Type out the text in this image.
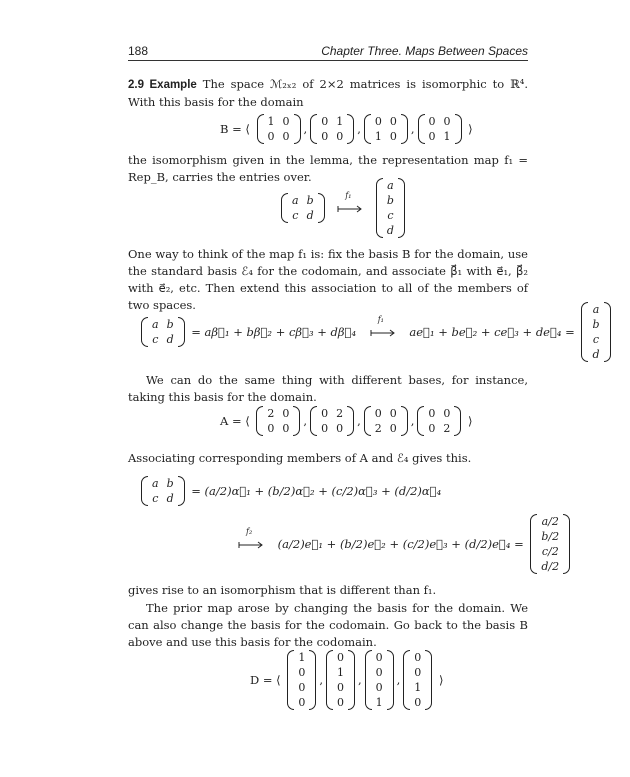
188	Chapter Three. Maps Between Spaces
2.9 Example The space ℳ₂ₓ₂ of 2×2 matrices is isomorphic to ℝ⁴. With this basis for the domain
B = ⟨
1	0
0	0
,
0	1
0	0
,
0	0
1	0
,
0	0
0	1
⟩
the isomorphism given in the lemma, the representation map f₁ = Rep_B, carries the entries over.
a	b
c	d

f₁

a
b
c
d
One way to think of the map f₁ is: fix the basis B for the domain, use the standard basis ℰ₄ for the codomain, and associate β⃗₁ with e⃗₁, β⃗₂ with e⃗₂, etc. Then extend this association to all of the members of two spaces.
a	b
c	d
= aβ⃗₁ + bβ⃗₂ + cβ⃗₃ + dβ⃗₄
f₁
ae⃗₁ + be⃗₂ + ce⃗₃ + de⃗₄ =
a
b
c
d
We can do the same thing with different bases, for instance, taking this basis for the domain.
A = ⟨
2	0
0	0
,
0	2
0	0
,
0	0
2	0
,
0	0
0	2
⟩
Associating corresponding members of A and ℰ₄ gives this.
a	b
c	d
= (a/2)α⃗₁ + (b/2)α⃗₂ + (c/2)α⃗₃ + (d/2)α⃗₄
f₂
(a/2)e⃗₁ + (b/2)e⃗₂ + (c/2)e⃗₃ + (d/2)e⃗₄ =
a/2
b/2
c/2
d/2
gives rise to an isomorphism that is different than f₁.
The prior map arose by changing the basis for the domain. We can also change the basis for the codomain. Go back to the basis B above and use this basis for the codomain.
D = ⟨
1
0
0
0
,
0
1
0
0
,
0
0
0
1
,
0
0
1
0
⟩
